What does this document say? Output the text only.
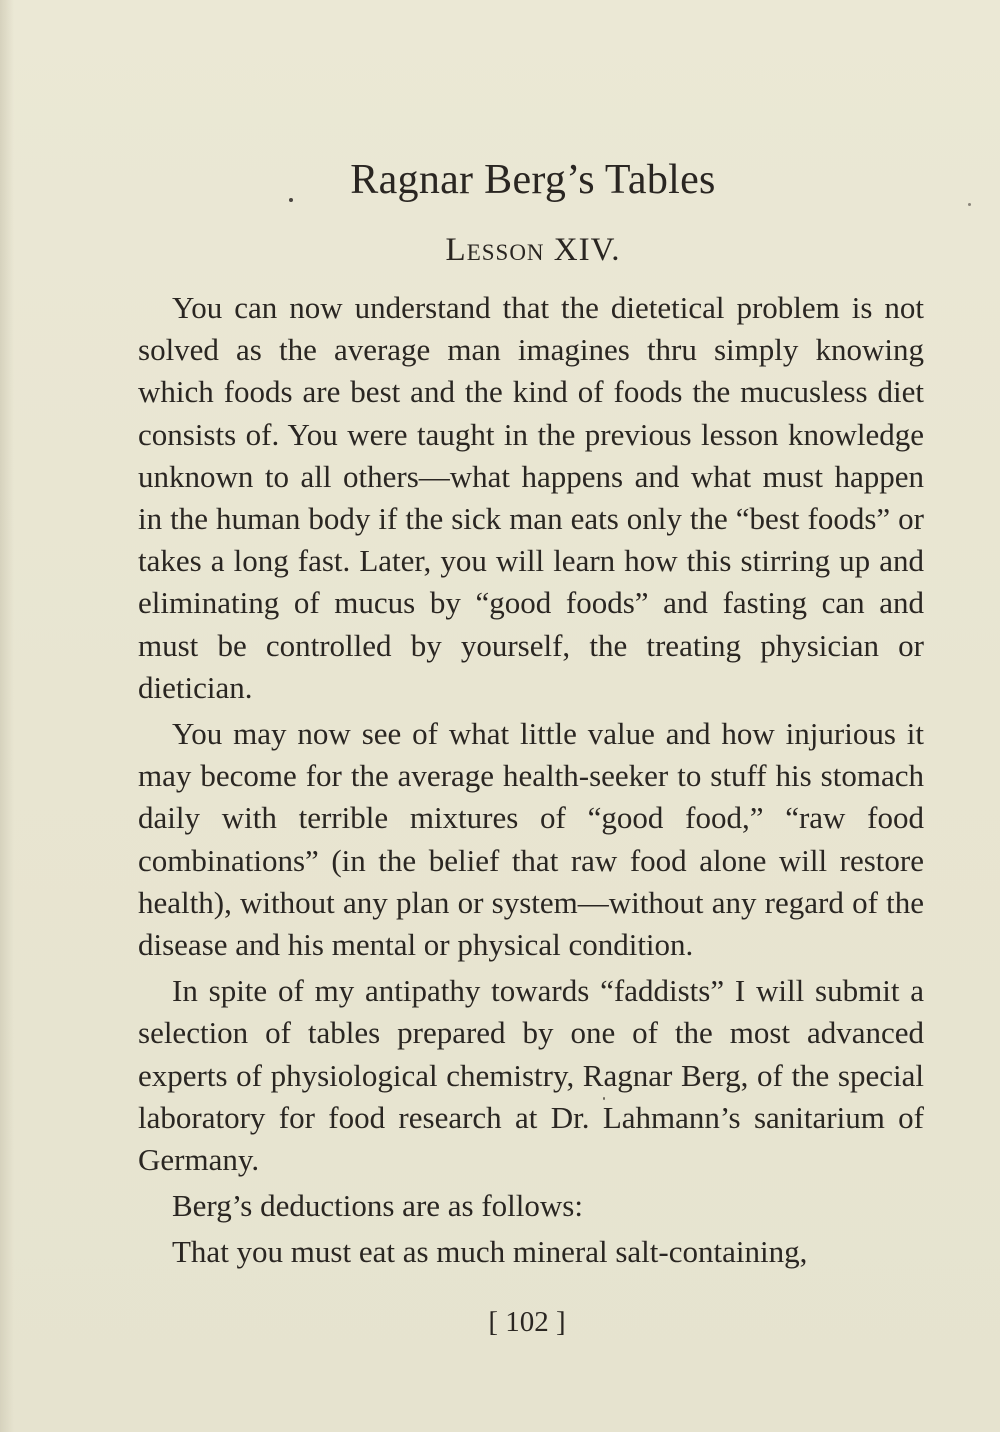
Ragnar Berg’s Tables
Lesson XIV.

You can now understand that the dietetical problem is not solved as the average man imagines thru simply knowing which foods are best and the kind of foods the mucusless diet consists of. You were taught in the previous lesson knowledge unknown to all others—what happens and what must happen in the human body if the sick man eats only the “best foods” or takes a long fast. Later, you will learn how this stirring up and eliminating of mucus by “good foods” and fasting can and must be controlled by yourself, the treating physician or dietician.

You may now see of what little value and how injurious it may become for the average health-seeker to stuff his stomach daily with terrible mixtures of “good food,” “raw food combinations” (in the belief that raw food alone will restore health), without any plan or system—without any regard of the disease and his mental or physical condition.

In spite of my antipathy towards “faddists” I will submit a selection of tables prepared by one of the most advanced experts of physiological chemistry, Ragnar Berg, of the special laboratory for food research at Dr. Lahmann’s sanitarium of Germany.

Berg’s deductions are as follows:

That you must eat as much mineral salt-containing,

[ 102 ]
